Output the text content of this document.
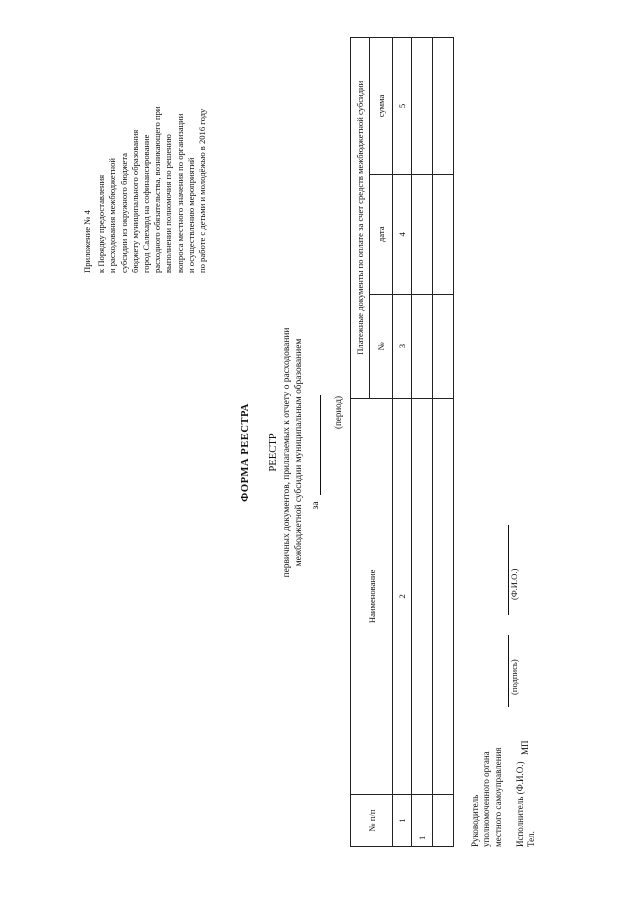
Приложение № 4 к Порядку предоставления и расходования межбюджетной субсидии из окружного бюджета бюджету муниципального образования город Салехард на софинансирование расходного обязательства, возникающего при выполнении полномочия по решению вопроса местного значения по организации и осуществлению мероприятий по работе с детьми и молодёжью в 2016 году
ФОРМА РЕЕСТРА РЕЕСТР первичных документов, прилагаемых к отчету о расходовании межбюджетной субсидии муниципальным образованием за
(период)
№ п/п	Наименование	Платежные документы по оплате за счет средств межбюджетной субсидии		
		№	дата	сумма
1	2	3	4	5
1				
					Руководитель уполномоченного органа местного самоуправления Исполнитель (Ф.И.О.) Тел.
(подпись)
(Ф.И.О.)
МП
